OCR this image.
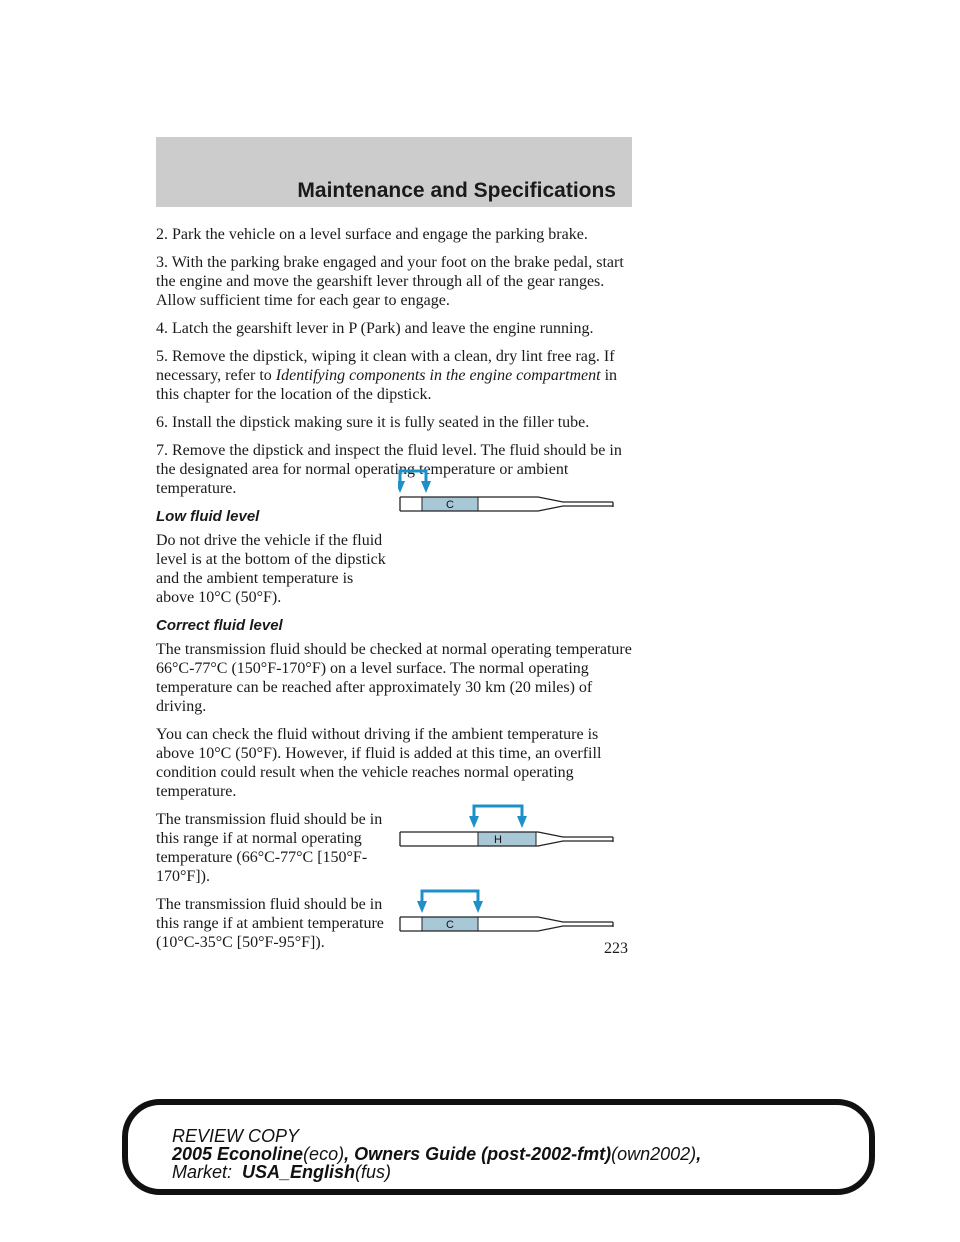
Maintenance and Specifications

2. Park the vehicle on a level surface and engage the parking brake.

3. With the parking brake engaged and your foot on the brake pedal, start the engine and move the gearshift lever through all of the gear ranges. Allow sufficient time for each gear to engage.

4. Latch the gearshift lever in P (Park) and leave the engine running.

5. Remove the dipstick, wiping it clean with a clean, dry lint free rag. If necessary, refer to Identifying components in the engine compartment in this chapter for the location of the dipstick.

6. Install the dipstick making sure it is fully seated in the filler tube.

7. Remove the dipstick and inspect the fluid level. The fluid should be in the designated area for normal operating temperature or ambient temperature.

Low fluid level

Do not drive the vehicle if the fluid level is at the bottom of the dipstick and the ambient temperature is above 10°C (50°F).

C
Correct fluid level

The transmission fluid should be checked at normal operating temperature 66°C-77°C (150°F-170°F) on a level surface. The normal operating temperature can be reached after approximately 30 km (20 miles) of driving.

You can check the fluid without driving if the ambient temperature is above 10°C (50°F). However, if fluid is added at this time, an overfill condition could result when the vehicle reaches normal operating temperature.

The transmission fluid should be in this range if at normal operating temperature (66°C-77°C [150°F-170°F]).

H

The transmission fluid should be in this range if at ambient temperature (10°C-35°C [50°F-95°F]).

C
223
REVIEW COPY
2005 Econoline(eco), Owners Guide (post-2002-fmt)(own2002),
Market:  USA_English(fus)
